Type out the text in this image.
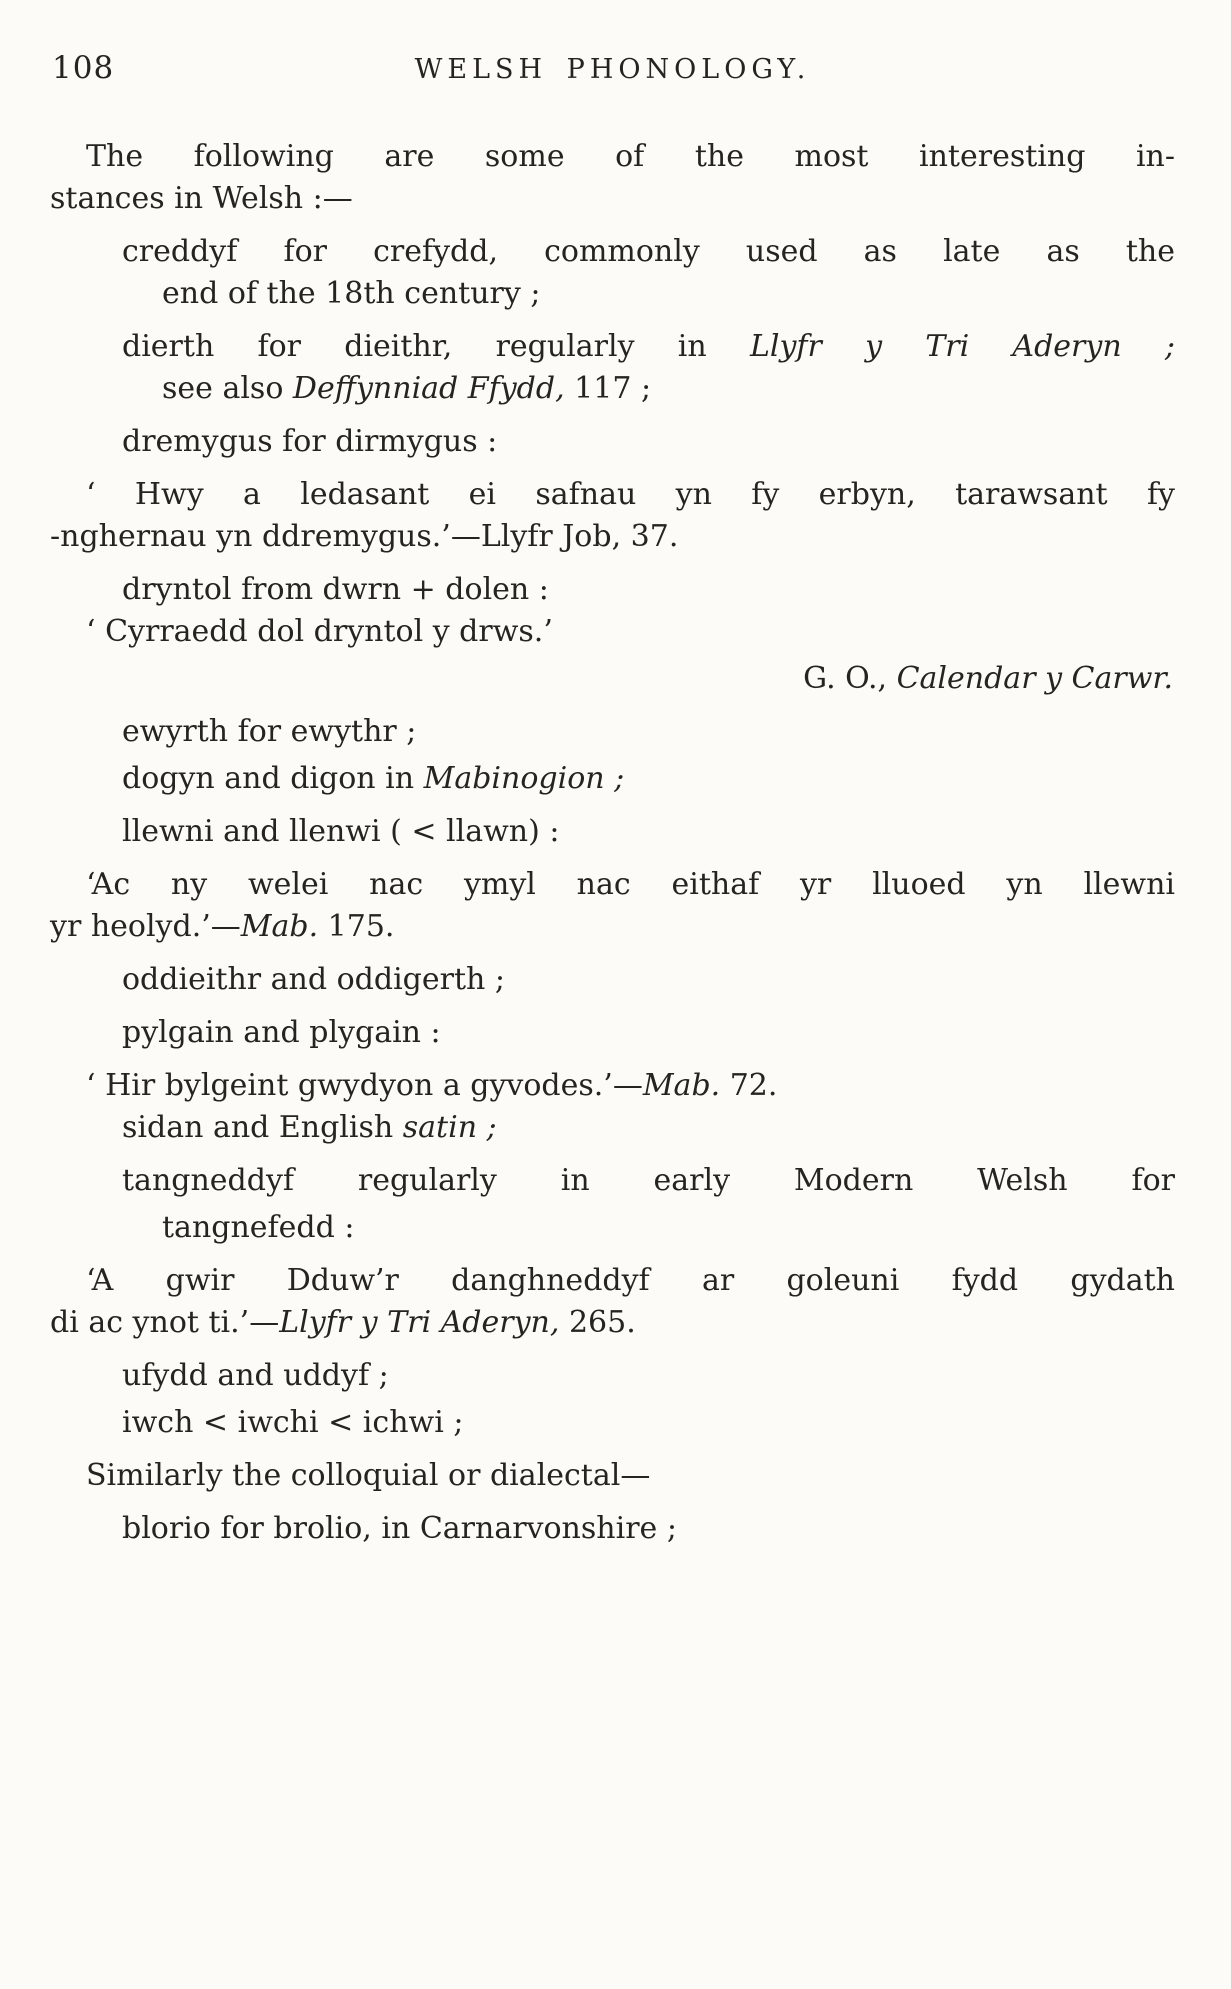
108	WELSH PHONOLOGY.
The following are some of the most interesting in-
stances in Welsh :—
creddyf for crefydd, commonly used as late as the
end of the 18th century ;
dierth for dieithr, regularly in Llyfr y Tri Aderyn ;
see also Deffynniad Ffydd, 117 ;
dremygus for dirmygus :
‘ Hwy a ledasant ei safnau yn fy erbyn, tarawsant fy
-nghernau yn ddremygus.’—Llyfr Job, 37.
dryntol from dwrn + dolen :
‘ Cyrraedd dol dryntol y drws.’
G. O., Calendar y Carwr.
ewyrth for ewythr ;
dogyn and digon in Mabinogion ;
llewni and llenwi ( < llawn) :
‘Ac ny welei nac ymyl nac eithaf yr lluoed yn llewni
yr heolyd.’—Mab. 175.
oddieithr and oddigerth ;
pylgain and plygain :
‘ Hir bylgeint gwydyon a gyvodes.’—Mab. 72.
sidan and English satin ;
tangneddyf regularly in early Modern Welsh for
tangnefedd :
‘A gwir Dduw’r danghneddyf ar goleuni fydd gydath
di ac ynot ti.’—Llyfr y Tri Aderyn, 265.
ufydd and uddyf ;
iwch < iwchi < ichwi ;
Similarly the colloquial or dialectal—
blorio for brolio, in Carnarvonshire ;
